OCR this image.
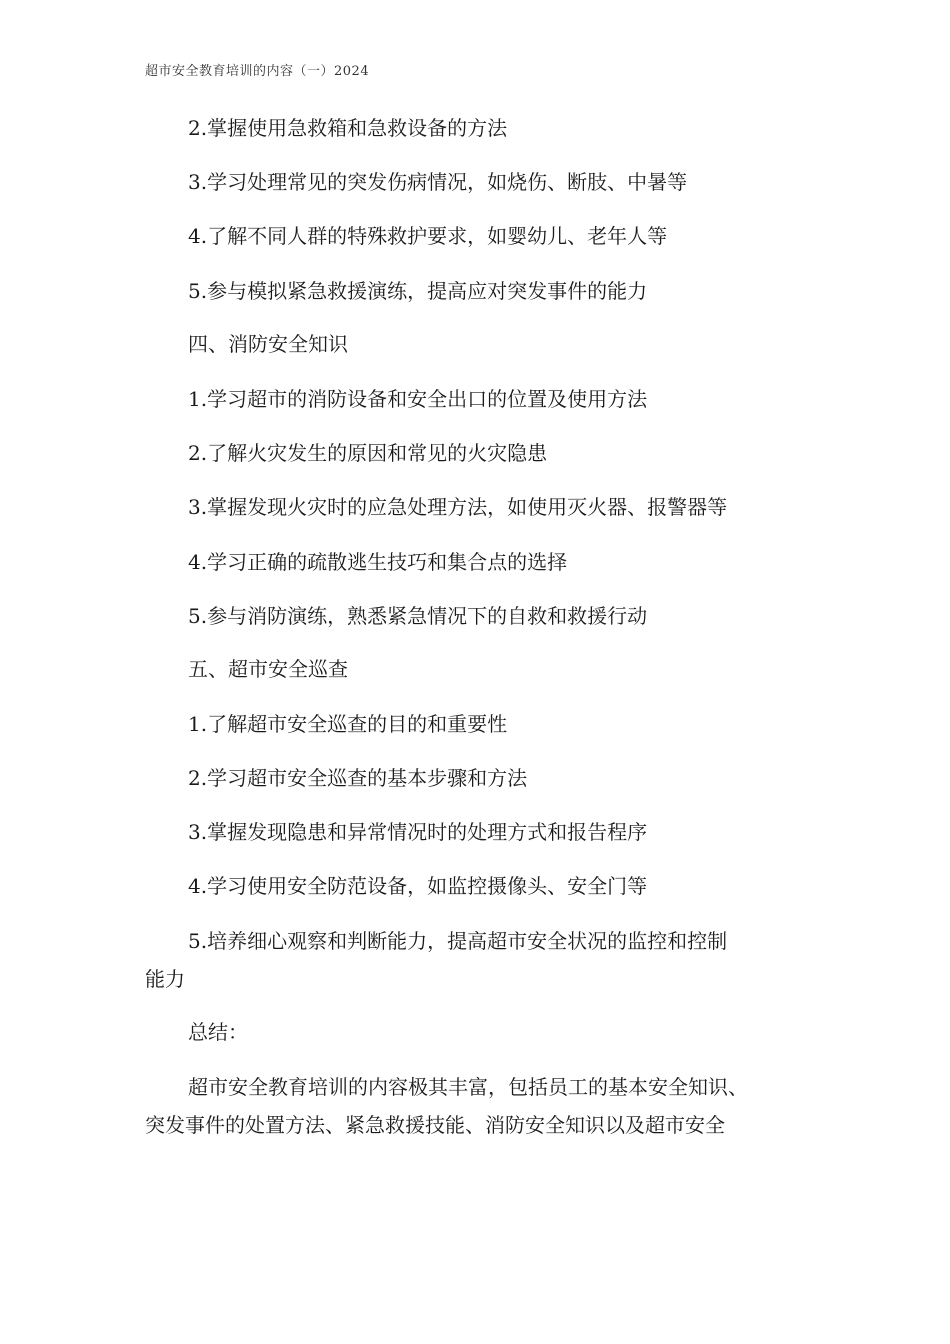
超市安全教育培训的内容（一）2024
2.掌握使用急救箱和急救设备的方法
3.学习处理常见的突发伤病情况，如烧伤、断肢、中暑等
4.了解不同人群的特殊救护要求，如婴幼儿、老年人等
5.参与模拟紧急救援演练，提高应对突发事件的能力
四、消防安全知识
1.学习超市的消防设备和安全出口的位置及使用方法
2.了解火灾发生的原因和常见的火灾隐患
3.掌握发现火灾时的应急处理方法，如使用灭火器、报警器等
4.学习正确的疏散逃生技巧和集合点的选择
5.参与消防演练，熟悉紧急情况下的自救和救援行动
五、超市安全巡查
1.了解超市安全巡查的目的和重要性
2.学习超市安全巡查的基本步骤和方法
3.掌握发现隐患和异常情况时的处理方式和报告程序
4.学习使用安全防范设备，如监控摄像头、安全门等
5.培养细心观察和判断能力，提高超市安全状况的监控和控制
能力
总结：
超市安全教育培训的内容极其丰富，包括员工的基本安全知识、
突发事件的处置方法、紧急救援技能、消防安全知识以及超市安全
